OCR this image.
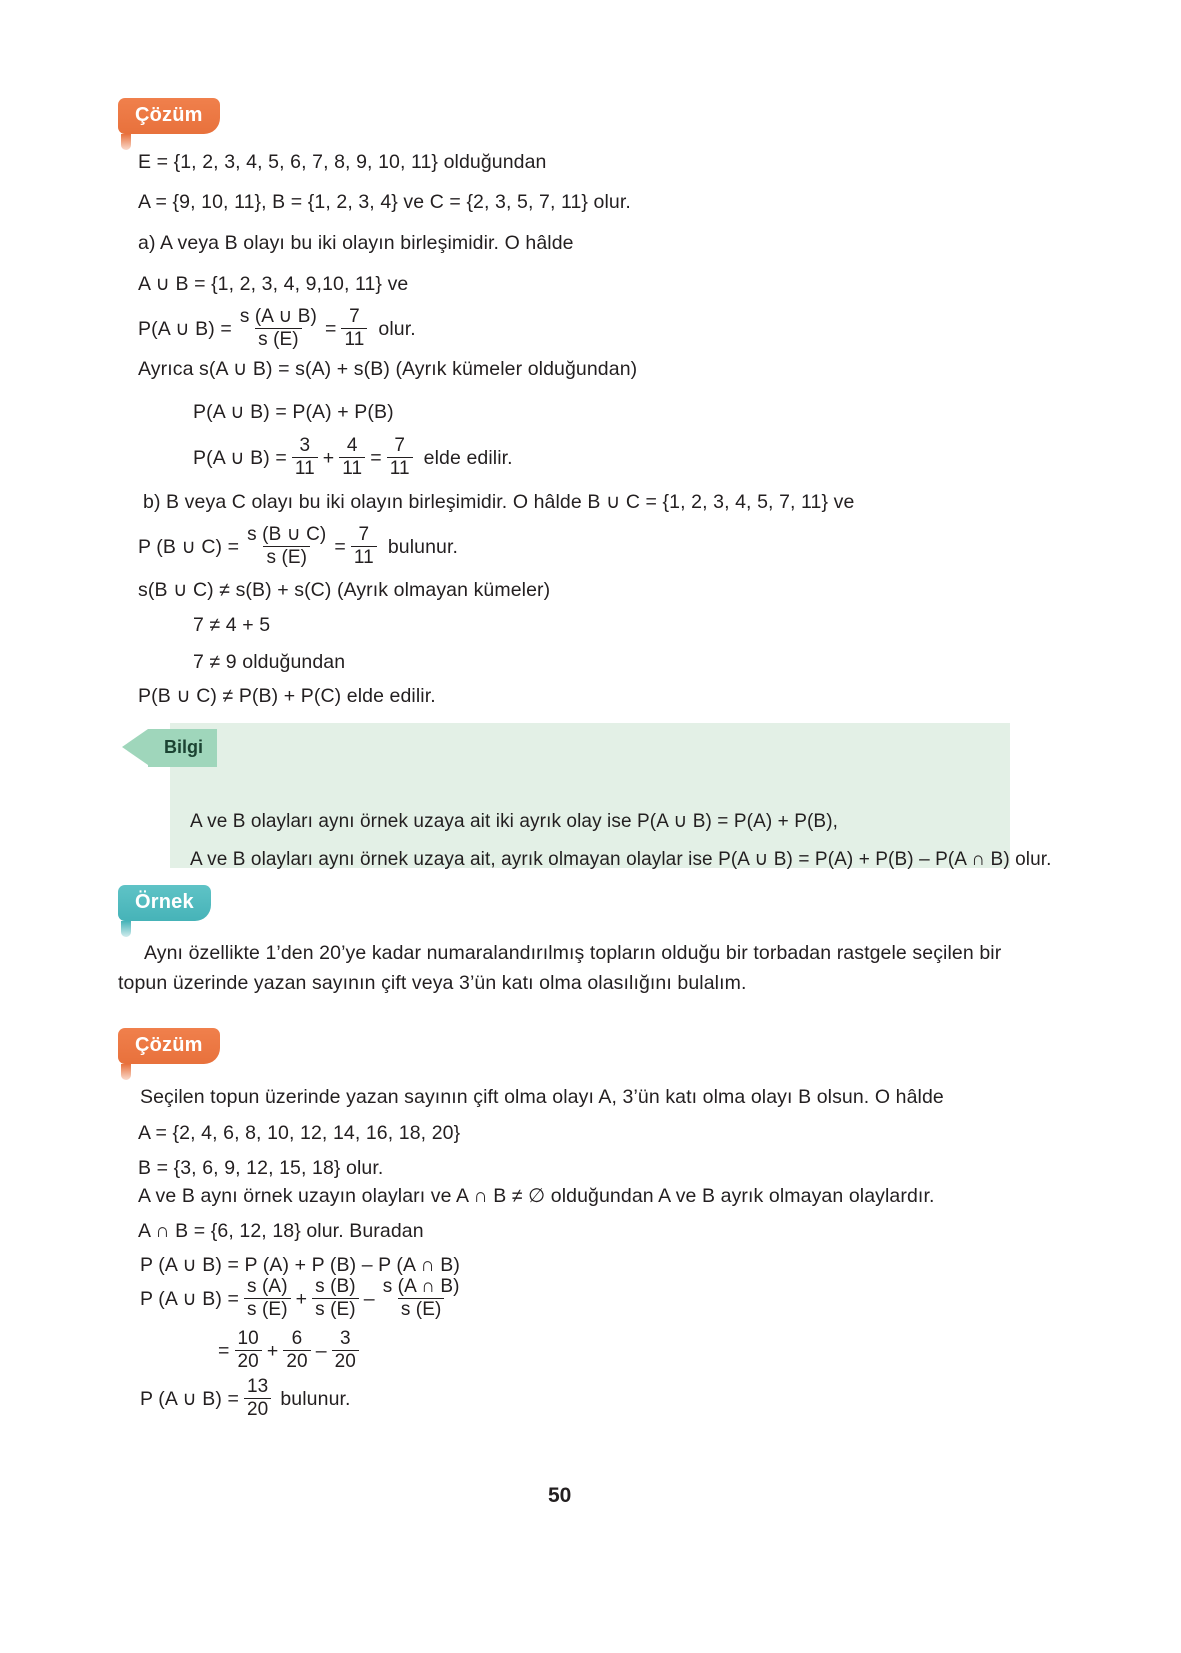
Çözüm
E = {1, 2, 3, 4, 5, 6, 7, 8, 9, 10, 11} olduğundan
A = {9, 10, 11}, B = {1, 2, 3, 4} ve C = {2, 3, 5, 7, 11} olur.
a) A veya B olayı bu iki olayın birleşimidir. O hâlde
A ∪ B = {1, 2, 3, 4, 9,10, 11} ve
P(A ∪ $B) = \frac{s (A \cup B)}{s (E)} = \frac{7}{11}$ olur.
Ayrıca s(A ∪ B) = s(A) + s(B) (Ayrık kümeler olduğundan)
P(A ∪ B) = P(A) + P(B)
P(A ∪ $B) = \frac{3}{11} + \frac{4}{11} = \frac{7}{11}$ elde edilir.
b) B veya C olayı bu iki olayın birleşimidir. O hâlde B ∪ C = {1, 2, 3, 4, 5, 7, 11} ve
P (B ∪ $C) = \frac{s (B \cup C)}{s (E)} = \frac{7}{11}$ bulunur.
s(B ∪ C) ≠ s(B) + s(C) (Ayrık olmayan kümeler)
7 ≠ 4 + 5
7 ≠ 9 olduğundan
P(B ∪ C) ≠ P(B) + P(C) elde edilir.
Bilgi
A ve B olayları aynı örnek uzaya ait iki ayrık olay ise P(A ∪ B) = P(A) + P(B),
A ve B olayları aynı örnek uzaya ait, ayrık olmayan olaylar ise P(A ∪ B) = P(A) + P(B) – P(A ∩ B) olur.
Örnek
Aynı özellikte 1’den 20’ye kadar numaralandırılmış topların olduğu bir torbadan rastgele seçilen bir topun üzerinde yazan sayının çift veya 3’ün katı olma olasılığını bulalım.
Çözüm
Seçilen topun üzerinde yazan sayının çift olma olayı A, 3’ün katı olma olayı B olsun. O hâlde
A = {2, 4, 6, 8, 10, 12, 14, 16, 18, 20}
B = {3, 6, 9, 12, 15, 18} olur.
A ve B aynı örnek uzayın olayları ve A ∩ B ≠ ∅ olduğundan A ve B ayrık olmayan olaylardır.
A ∩ B = {6, 12, 18} olur. Buradan
P (A ∪ B) = P (A) + P (B) – P (A ∩ B)
P (A ∪ $B) = \frac{s (A)}{s (E)} + \frac{s (B)}{s (E)} - \frac{s (A \cap B)}{s (E)}$
= $\frac{10}{20} + \frac{6}{20} - \frac{3}{20}$
P (A ∪ $B) = \frac{13}{20}$ bulunur.
50
